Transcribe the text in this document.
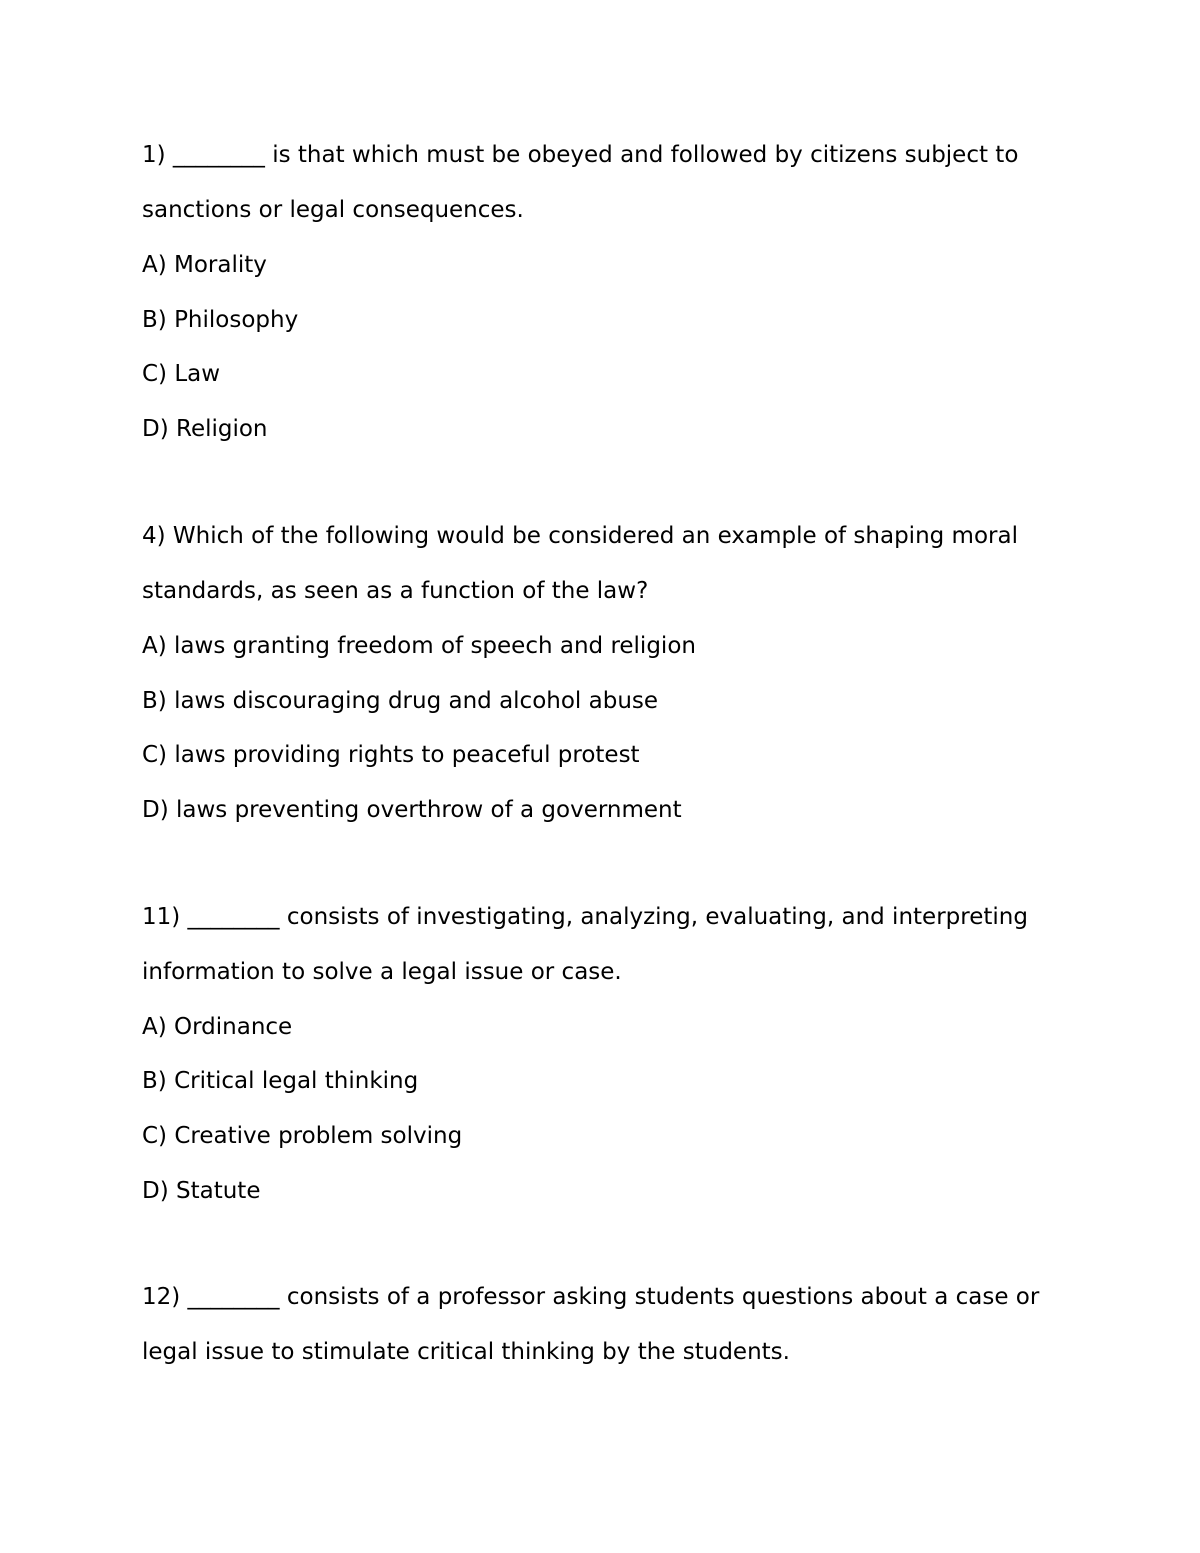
1) ________ is that which must be obeyed and followed by citizens subject to sanctions or legal consequences.

A) Morality
B) Philosophy
C) Law
D) Religion

4) Which of the following would be considered an example of shaping moral standards, as seen as a function of the law?

A) laws granting freedom of speech and religion
B) laws discouraging drug and alcohol abuse
C) laws providing rights to peaceful protest
D) laws preventing overthrow of a government

11) ________ consists of investigating, analyzing, evaluating, and interpreting information to solve a legal issue or case.

A) Ordinance
B) Critical legal thinking
C) Creative problem solving
D) Statute

12) ________ consists of a professor asking students questions about a case or legal issue to stimulate critical thinking by the students.
